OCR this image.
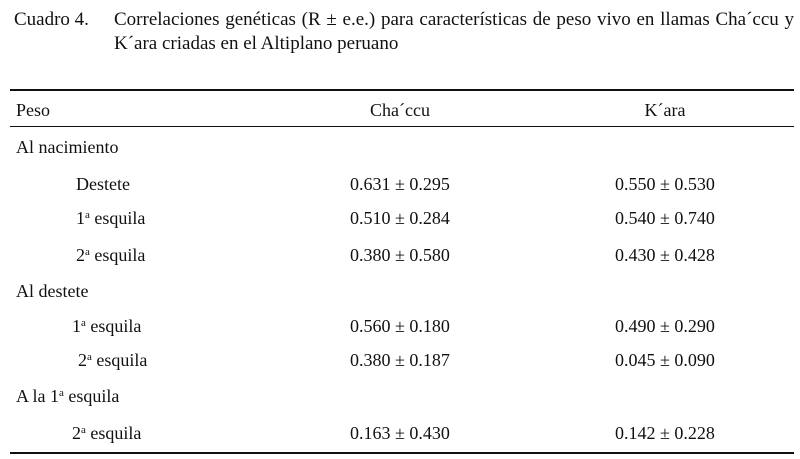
Cuadro 4. Correlaciones genéticas (R ± e.e.) para características de peso vivo en llamas Cha´ccu y K´ara criadas en el Altiplano peruano
Peso	Cha´ccu	K´ara
Al nacimiento
Destete	0.631 ± 0.295	0.550 ± 0.530
1$^a$ esquila	0.510 ± 0.284	0.540 ± 0.740
2$^a$ esquila	0.380 ± 0.580	0.430 ± 0.428
Al destete
1$^a$ esquila	0.560 ± 0.180	0.490 ± 0.290
2$^a$ esquila	0.380 ± 0.187	0.045 ± 0.090
A la 1$^a$ esquila
2$^a$ esquila	0.163 ± 0.430	0.142 ± 0.228
